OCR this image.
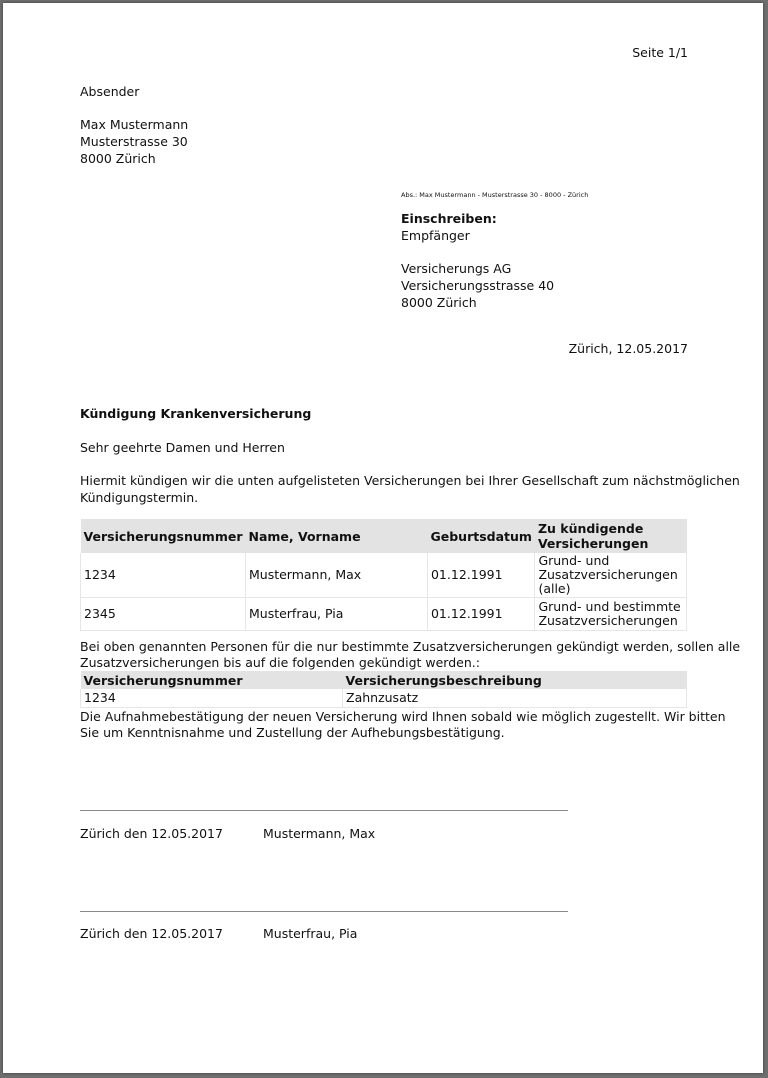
Seite 1/1
Absender
Max Mustermann
Musterstrasse 30
8000 Zürich
Abs.: Max Mustermann - Musterstrasse 30 - 8000 - Zürich
Einschreiben:
Empfänger
Versicherungs AG
Versicherungsstrasse 40
8000 Zürich
Zürich, 12.05.2017
Kündigung Krankenversicherung
Sehr geehrte Damen und Herren
Hiermit kündigen wir die unten aufgelisteten Versicherungen bei Ihrer Gesellschaft zum nächstmöglichen
Kündigungstermin.
Versicherungsnummer	Name, Vorname	Geburtsdatum	Zu kündigende Versicherungen
1234	Mustermann, Max	01.12.1991	Grund- und Zusatzversicherungen (alle)
2345	Musterfrau, Pia	01.12.1991	Grund- und bestimmte Zusatzversicherungen
Bei oben genannten Personen für die nur bestimmte Zusatzversicherungen gekündigt werden, sollen alle
Zusatzversicherungen bis auf die folgenden gekündigt werden.:
Versicherungsnummer	Versicherungsbeschreibung
1234	Zahnzusatz
Die Aufnahmebestätigung der neuen Versicherung wird Ihnen sobald wie möglich zugestellt. Wir bitten
Sie um Kenntnisnahme und Zustellung der Aufhebungsbestätigung.
Zürich den 12.05.2017	Mustermann, Max
Zürich den 12.05.2017	Musterfrau, Pia
